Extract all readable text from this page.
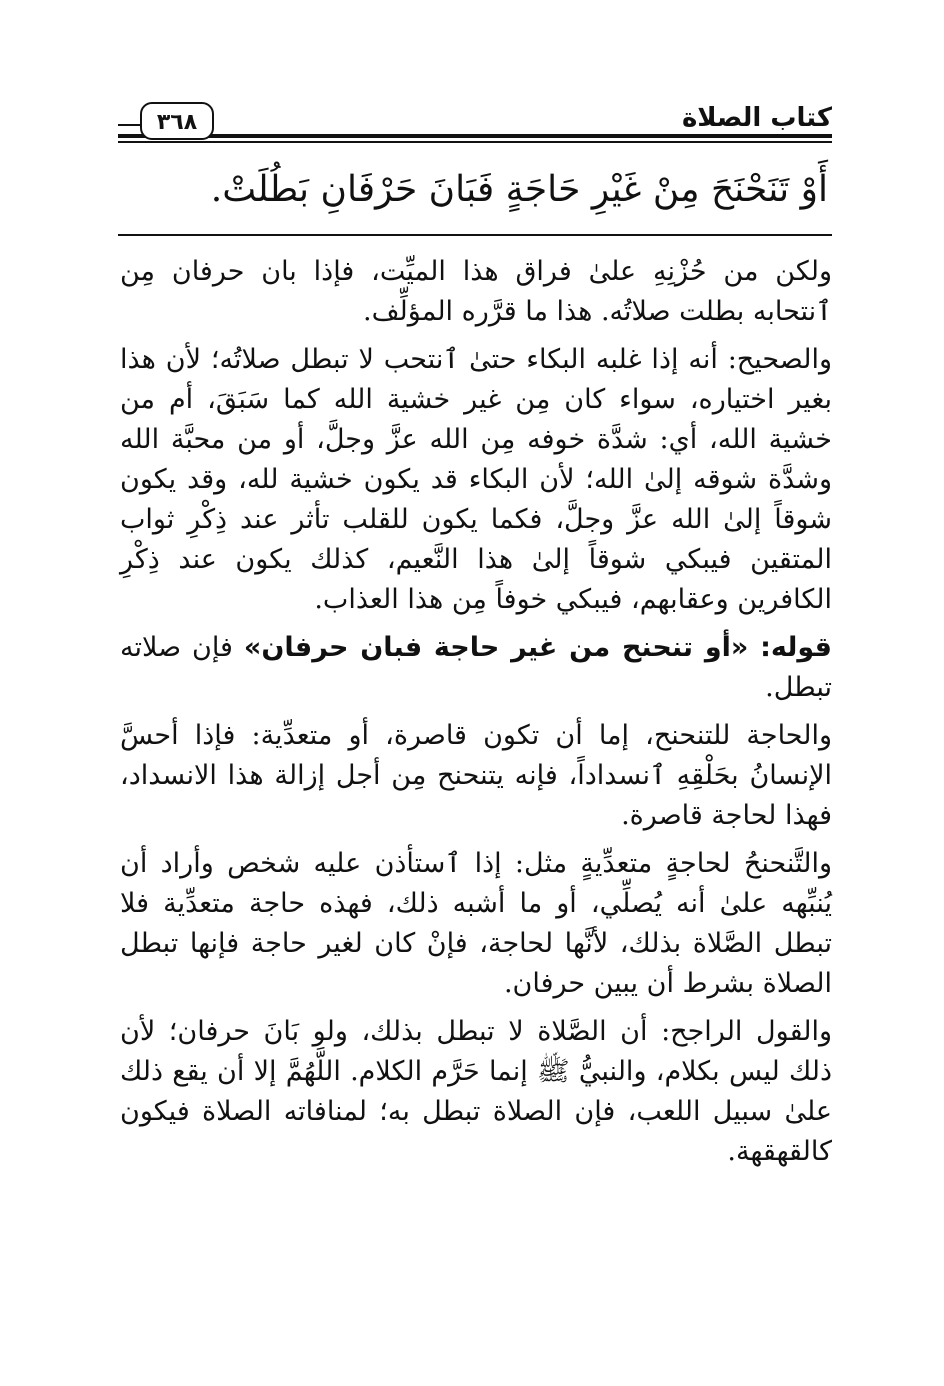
٣٦٨	كتاب الصلاة
أَوْ تَنَحْنَحَ مِنْ غَيْرِ حَاجَةٍ فَبَانَ حَرْفَانِ بَطُلَتْ.

ولكن من حُزْنِهِ علىٰ فراق هذا الميِّت، فإذا بان حرفان مِن ٱنتحابه بطلت صلاتُه. هذا ما قرَّره المؤلِّف.

والصحيح: أنه إذا غلبه البكاء حتىٰ ٱنتحب لا تبطل صلاتُه؛ لأن هذا بغير اختياره، سواء كان مِن غير خشية الله كما سَبَقَ، أم من خشية الله، أي: شدَّة خوفه مِن الله عزَّ وجلَّ، أو من محبَّة الله وشدَّة شوقه إلىٰ الله؛ لأن البكاء قد يكون خشية لله، وقد يكون شوقاً إلىٰ الله عزَّ وجلَّ، فكما يكون للقلب تأثر عند ذِكْرِ ثواب المتقين فيبكي شوقاً إلىٰ هذا النَّعيم، كذلك يكون عند ذِكْرِ الكافرين وعقابهم، فيبكي خوفاً مِن هذا العذاب.

قوله: «أو تنحنح من غير حاجة فبان حرفان» فإن صلاته تبطل.

والحاجة للتنحنح، إما أن تكون قاصرة، أو متعدِّية: فإذا أحسَّ الإنسانُ بحَلْقِهِ ٱنسداداً، فإنه يتنحنح مِن أجل إزالة هذا الانسداد، فهذا لحاجة قاصرة.

والتَّنحنحُ لحاجةٍ متعدِّيةٍ مثل: إذا ٱستأذن عليه شخص وأراد أن يُنبِّهه علىٰ أنه يُصلِّي، أو ما أشبه ذلك، فهذه حاجة متعدِّية فلا تبطل الصَّلاة بذلك، لأنَّها لحاجة، فإنْ كان لغير حاجة فإنها تبطل الصلاة بشرط أن يبين حرفان.

والقول الراجح: أن الصَّلاة لا تبطل بذلك، ولو بَانَ حرفان؛ لأن ذلك ليس بكلام، والنبيُّ ﷺ إنما حَرَّم الكلام. اللَّهُمَّ إلا أن يقع ذلك علىٰ سبيل اللعب، فإن الصلاة تبطل به؛ لمنافاته الصلاة فيكون كالقهقهة.
